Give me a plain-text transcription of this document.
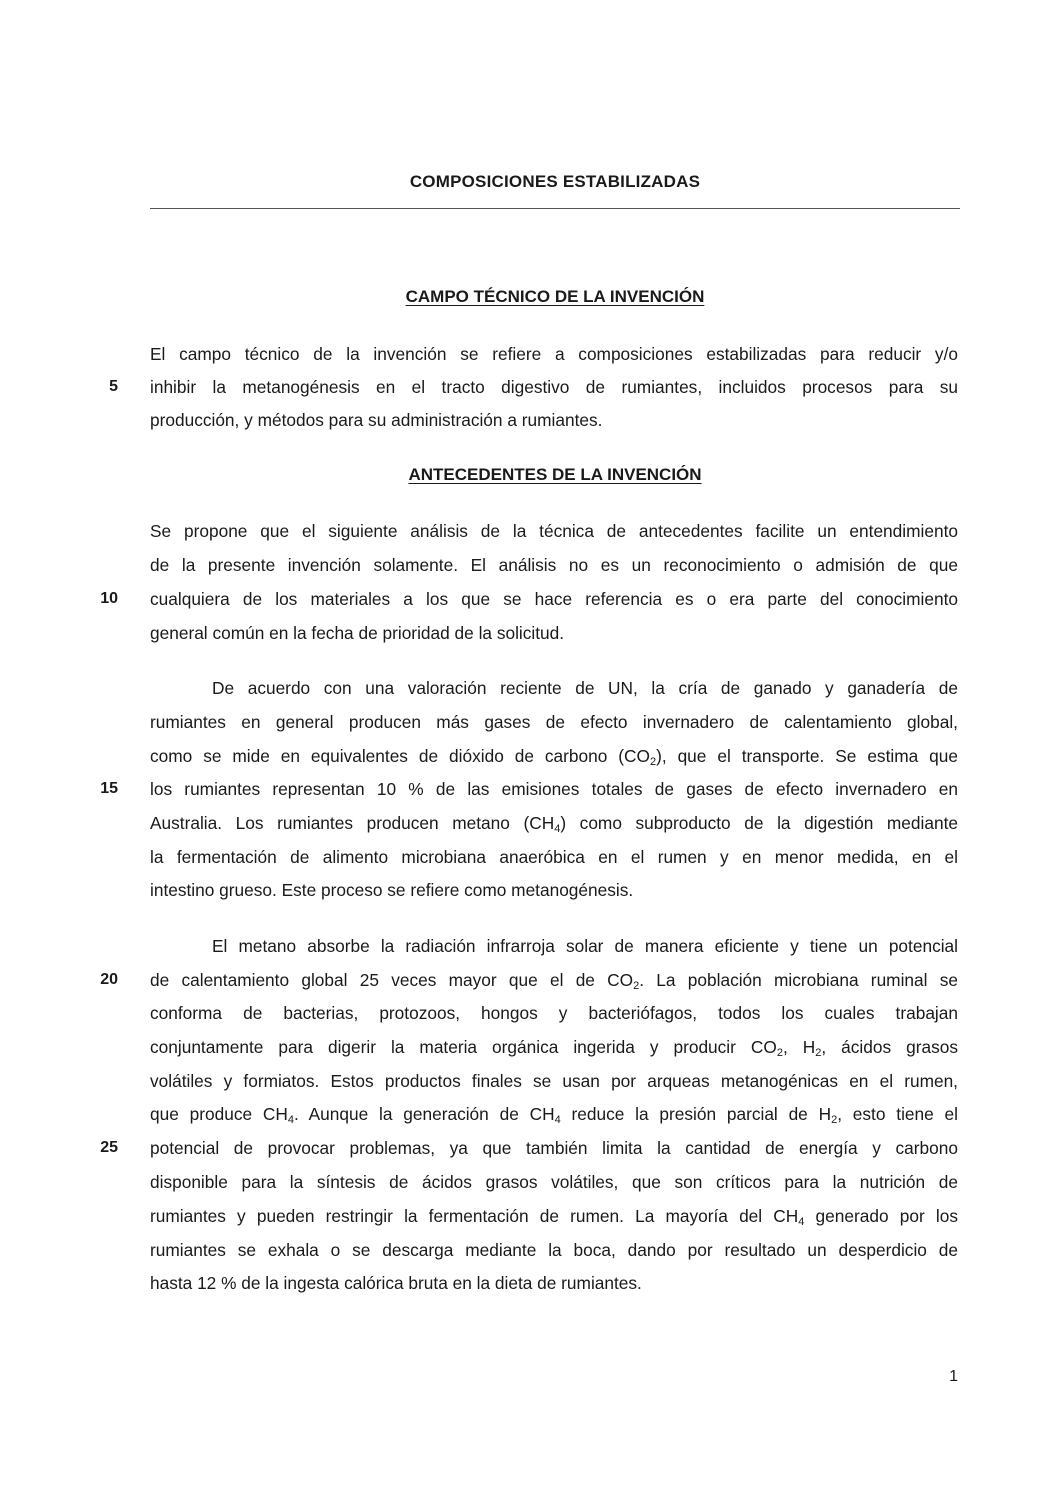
COMPOSICIONES ESTABILIZADAS
CAMPO TÉCNICO DE LA INVENCIÓN
El campo técnico de la invención se refiere a composiciones estabilizadas para reducir y/o
5 inhibir la metanogénesis en el tracto digestivo de rumiantes, incluidos procesos para su
producción, y métodos para su administración a rumiantes.
ANTECEDENTES DE LA INVENCIÓN
Se propone que el siguiente análisis de la técnica de antecedentes facilite un entendimiento
de la presente invención solamente. El análisis no es un reconocimiento o admisión de que
10 cualquiera de los materiales a los que se hace referencia es o era parte del conocimiento
general común en la fecha de prioridad de la solicitud.
De acuerdo con una valoración reciente de UN, la cría de ganado y ganadería de
rumiantes en general producen más gases de efecto invernadero de calentamiento global,
como se mide en equivalentes de dióxido de carbono $(CO_2)$, que el transporte. Se estima que
15 los rumiantes representan 10 % de las emisiones totales de gases de efecto invernadero en
Australia. Los rumiantes producen metano $(CH_4)$ como subproducto de la digestión mediante
la fermentación de alimento microbiana anaeróbica en el rumen y en menor medida, en el
intestino grueso. Este proceso se refiere como metanogénesis.
El metano absorbe la radiación infrarroja solar de manera eficiente y tiene un potencial
20 de calentamiento global 25 veces mayor que el de $CO_2$. La población microbiana ruminal se
conforma de bacterias, protozoos, hongos y bacteriófagos, todos los cuales trabajan
conjuntamente para digerir la materia orgánica ingerida y producir $CO_2$, $H_2$, ácidos grasos
volátiles y formiatos. Estos productos finales se usan por arqueas metanogénicas en el rumen,
que produce $CH_4$. Aunque la generación de $CH_4$ reduce la presión parcial de $H_2$, esto tiene el
25 potencial de provocar problemas, ya que también limita la cantidad de energía y carbono
disponible para la síntesis de ácidos grasos volátiles, que son críticos para la nutrición de
rumiantes y pueden restringir la fermentación de rumen. La mayoría del $CH_4$ generado por los
rumiantes se exhala o se descarga mediante la boca, dando por resultado un desperdicio de
hasta 12 % de la ingesta calórica bruta en la dieta de rumiantes.
1
